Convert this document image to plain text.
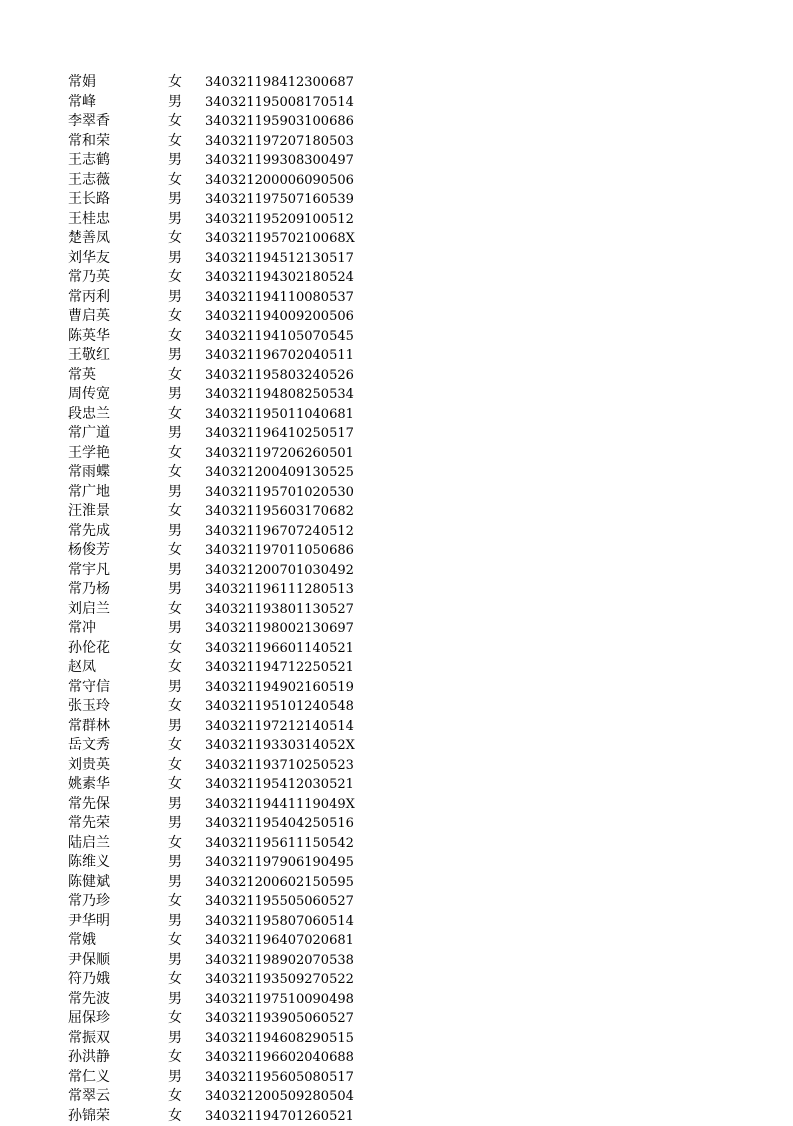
常娟	女 340321198412300687
常峰	男 340321195008170514
李翠香	女 340321195903100686
常和荣	女 340321197207180503
王志鹤	男 340321199308300497
王志薇	女 340321200006090506
王长路	男 340321197507160539
王桂忠	男 340321195209100512
楚善凤	女 34032119570210068X
刘华友	男 340321194512130517
常乃英	女 340321194302180524
常丙利	男 340321194110080537
曹启英	女 340321194009200506
陈英华	女 340321194105070545
王敬红	男 340321196702040511
常英	女 340321195803240526
周传宽	男 340321194808250534
段忠兰	女 340321195011040681
常广道	男 340321196410250517
王学艳	女 340321197206260501
常雨蝶	女 340321200409130525
常广地	男 340321195701020530
汪淮景	女 340321195603170682
常先成	男 340321196707240512
杨俊芳	女 340321197011050686
常宇凡	男 340321200701030492
常乃杨	男 340321196111280513
刘启兰	女 340321193801130527
常冲	男 340321198002130697
孙伦花	女 340321196601140521
赵凤	女 340321194712250521
常守信	男 340321194902160519
张玉玲	女 340321195101240548
常群林	男 340321197212140514
岳文秀	女 34032119330314052X
刘贵英	女 340321193710250523
姚素华	女 340321195412030521
常先保	男 34032119441119049X
常先荣	男 340321195404250516
陆启兰	女 340321195611150542
陈维义	男 340321197906190495
陈健斌	男 340321200602150595
常乃珍	女 340321195505060527
尹华明	男 340321195807060514
常娥	女 340321196407020681
尹保顺	男 340321198902070538
符乃娥	女 340321193509270522
常先波	男 340321197510090498
屈保珍	女 340321193905060527
常振双	男 340321194608290515
孙洪静	女 340321196602040688
常仁义	男 340321195605080517
常翠云	女 340321200509280504
孙锦荣	女 340321194701260521
